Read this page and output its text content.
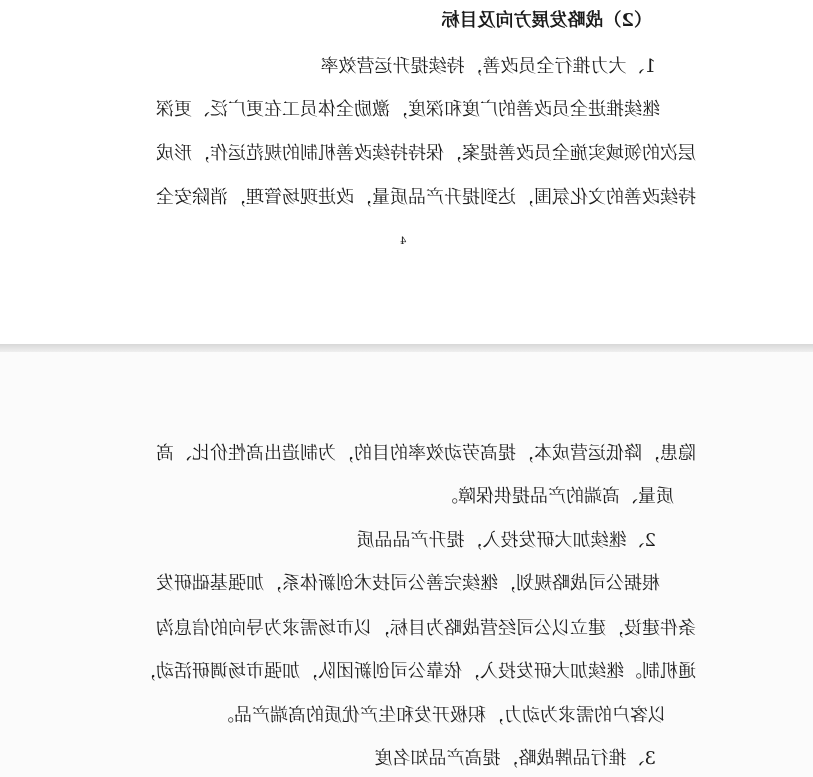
（2）战略发展方向及目标
1、大力推行全员改善，持续提升运营效率
继续推进全员改善的广度和深度，激励全体员工在更广泛、更深
层次的领域实施全员改善提案，保持持续改善机制的规范运作，形成
持续改善的文化氛围，达到提升产品质量，改进现场管理，消除安全
4
隐患，降低运营成本，提高劳动效率的目的，为制造出高性价比、高
质量、高端的产品提供保障。
2、继续加大研发投入，提升产品品质
根据公司战略规划，继续完善公司技术创新体系，加强基础研发
条件建设，建立以公司经营战略为目标，以市场需求为导向的信息沟
通机制。继续加大研发投入，依靠公司创新团队，加强市场调研活动，
以客户的需求为动力，积极开发和生产优质的高端产品。
3、推行品牌战略，提高产品知名度
